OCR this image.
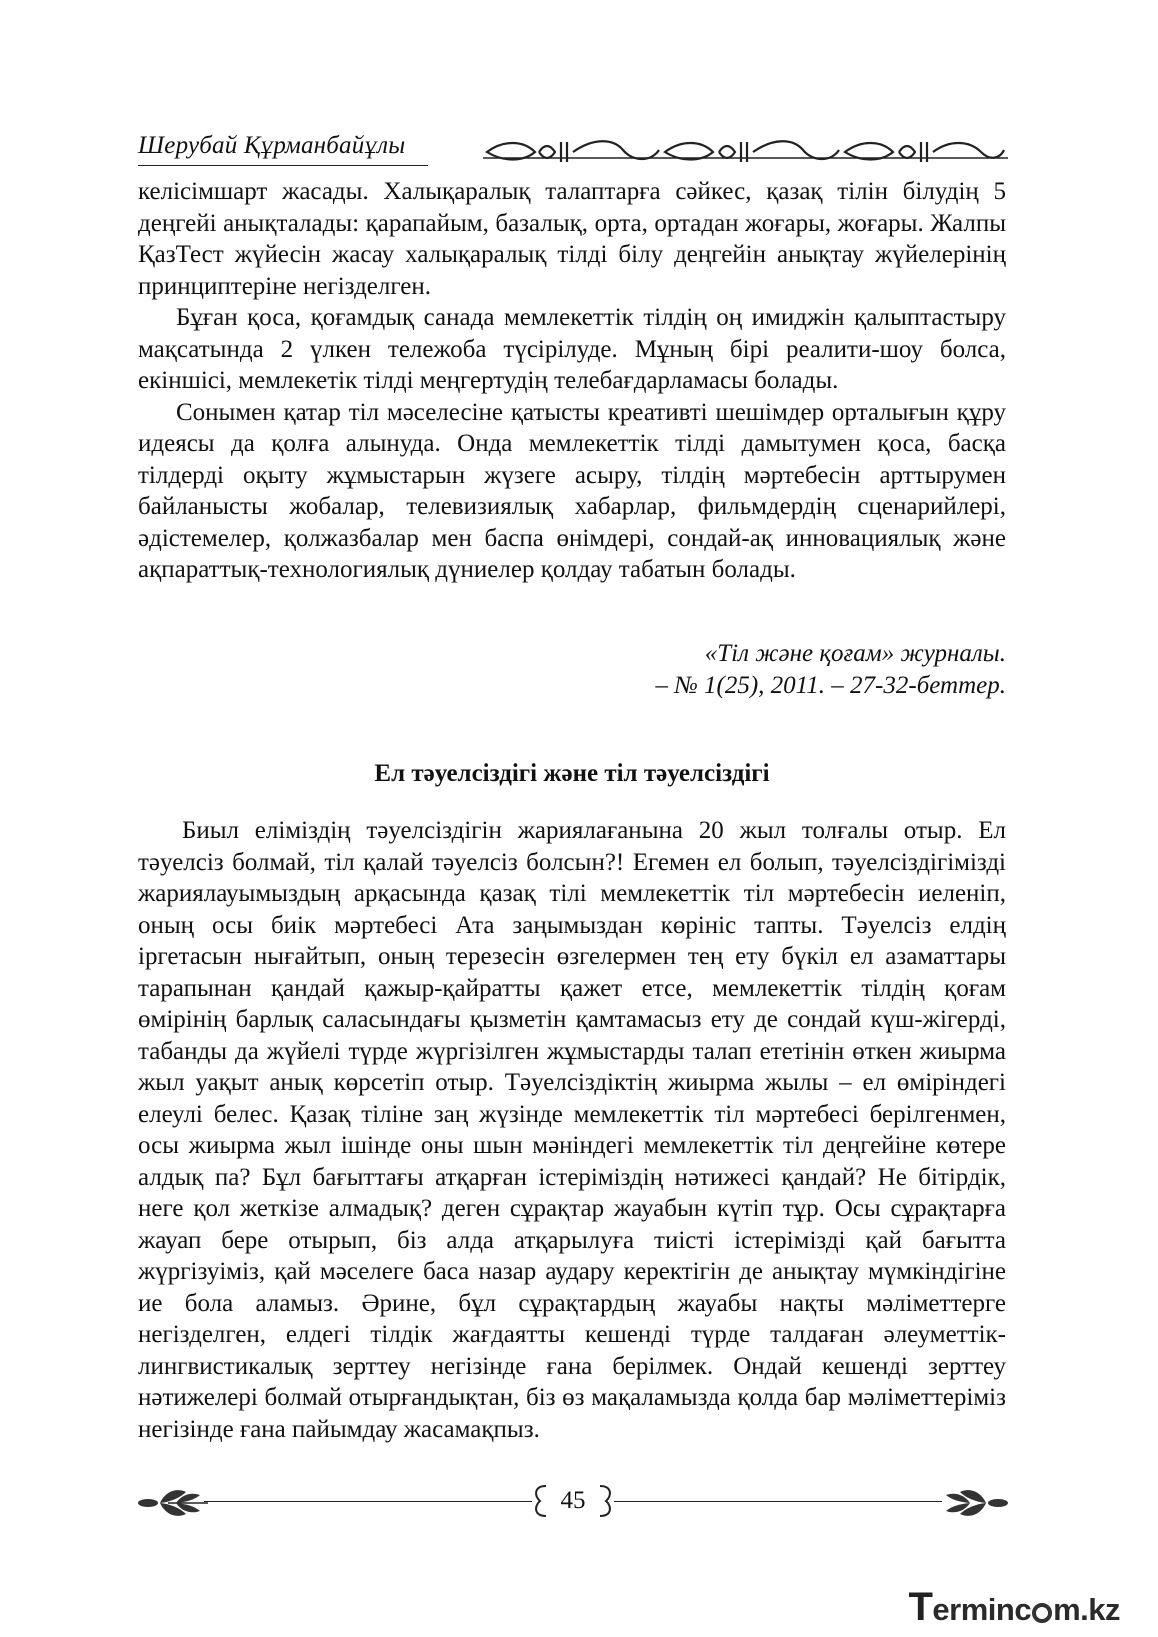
Шерубай Құрманбайұлы

келісімшарт жасады. Халықаралық талаптарға сәйкес, қазақ тілін білудің 5 деңгейі анықталады: қарапайым, базалық, орта, ортадан жоғары, жоғары. Жалпы ҚазТест жүйесін жасау халықаралық тілді білу деңгейін анықтау жүйелерінің принциптеріне негізделген.

Бұған қоса, қоғамдық санада мемлекеттік тілдің оң имиджін қалыптастыру мақсатында 2 үлкен тележоба түсірілуде. Мұның бірі реалити-шоу болса, екіншісі, мемлекетік тілді меңгертудің телебағдарламасы болады.

Сонымен қатар тіл мәселесіне қатысты креативті шешімдер орталығын құру идеясы да қолға алынуда. Онда мемлекеттік тілді дамытумен қоса, басқа тілдерді оқыту жұмыстарын жүзеге асыру, тілдің мәртебесін арттырумен байланысты жобалар, телевизиялық хабарлар, фильмдердің сценарийлері, әдістемелер, қолжазбалар мен баспа өнімдері, сондай-ақ инновациялық және ақпараттық-технологиялық дүниелер қолдау табатын болады.

«Тіл және қоғам» журналы.
– № 1(25), 2011. – 27-32-беттер.
Ел тәуелсіздігі және тіл тәуелсіздігі

Биыл еліміздің тәуелсіздігін жариялағанына 20 жыл толғалы отыр. Ел тәуелсіз болмай, тіл қалай тәуелсіз болсын?! Егемен ел болып, тәуелсіздігімізді жариялауымыздың арқасында қазақ тілі мемлекеттік тіл мәртебесін иеленіп, оның осы биік мәртебесі Ата заңымыздан көрініс тапты. Тәуелсіз елдің іргетасын нығайтып, оның терезесін өзгелермен тең ету бүкіл ел азаматтары тарапынан қандай қажыр-қайратты қажет етсе, мемлекеттік тілдің қоғам өмірінің барлық саласындағы қызметін қамтамасыз ету де сондай күш-жігерді, табанды да жүйелі түрде жүргізілген жұмыстарды талап ететінін өткен жиырма жыл уақыт анық көрсетіп отыр. Тәуелсіздіктің жиырма жылы – ел өміріндегі елеулі белес. Қазақ тіліне заң жүзінде мемлекеттік тіл мәртебесі берілгенмен, осы жиырма жыл ішінде оны шын мәніндегі мемлекеттік тіл деңгейіне көтере алдық па? Бұл бағыттағы атқарған істеріміздің нәтижесі қандай? Не бітірдік, неге қол жеткізе алмадық? деген сұрақтар жауабын күтіп тұр. Осы сұрақтарға жауап бере отырып, біз алда атқарылуға тиісті істерімізді қай бағытта жүргізуіміз, қай мәселеге баса назар аудару керектігін де анықтау мүмкіндігіне ие бола аламыз. Әрине, бұл сұрақтардың жауабы нақты мәліметтерге негізделген, елдегі тілдік жағдаятты кешенді түрде талдаған әлеуметтік-лингвистикалық зерттеу негізінде ғана берілмек. Ондай кешенді зерттеу нәтижелері болмай отырғандықтан, біз өз мақаламызда қолда бар мәліметтеріміз негізінде ғана пайымдау жасамақпыз.

45
Terminc m.kz
